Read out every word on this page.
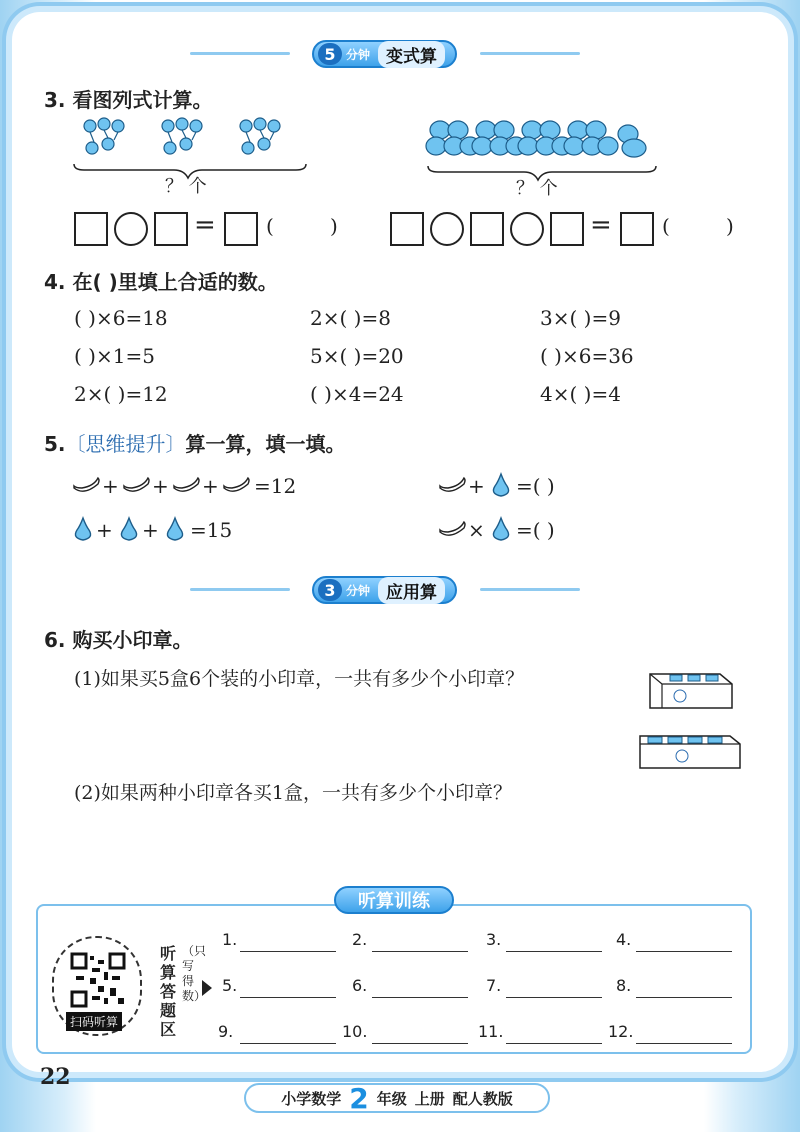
5 分钟 变式算
3. 看图列式计算。
？ 个	？ 个
=	(	)	=	(	)
4. 在( )里填上合适的数。
( )×6=18	2×( )=8	3×( )=9
( )×1=5	5×( )=20	( )×6=36
2×( )=12	( )×4=24	4×( )=4
5.〔思维提升〕算一算，填一填。
+ + + =12	+ =( )
+ + =15	× =( )
3 分钟 应用算
6. 购买小印章。
(1)如果买5盒6个装的小印章，一共有多少个小印章？
(2)如果两种小印章各买1盒，一共有多少个小印章？
听算训练
扫码听算
听算答题区
（只写得数）
1.	2.	3.	4.
5.	6.	7.	8.
9.	10.	11.	12.
22
小学数学 2 年级 上册 配人教版
